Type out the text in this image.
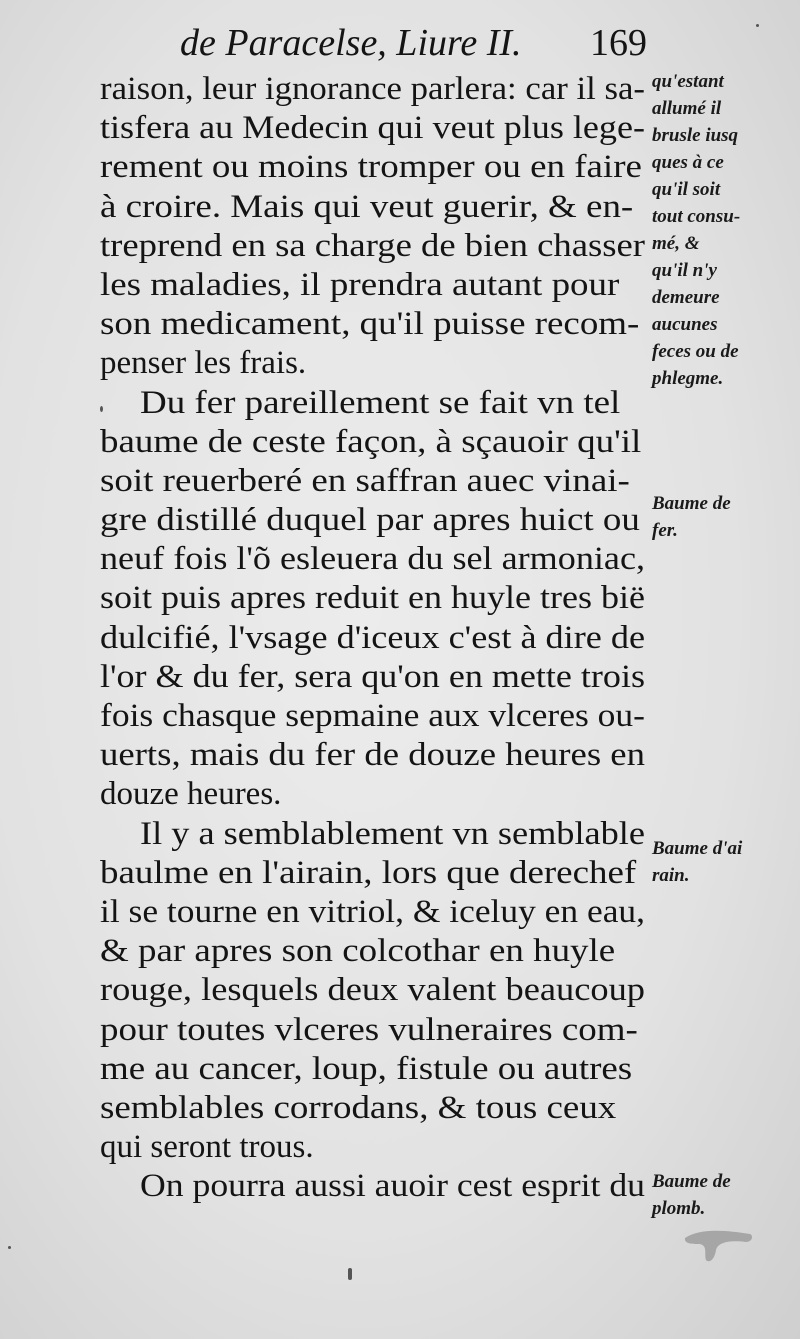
de Paracelse, Liure II. 169
raison, leur ignorance parlera: car il sa-
tisfera au Medecin qui veut plus lege-
rement ou moins tromper ou en faire
à croire. Mais qui veut guerir, & en-
treprend en sa charge de bien chasser
les maladies, il prendra autant pour
son medicament, qu'il puisse recom-
penser les frais.
Du fer pareillement se fait vn tel
baume de ceste façon, à sçauoir qu'il
soit reuerberé en saffran auec vinai-
gre distillé duquel par apres huict ou
neuf fois l'õ esleuera du sel armoniac,
soit puis apres reduit en huyle tres bië
dulcifié, l'vsage d'iceux c'est à dire de
l'or & du fer, sera qu'on en mette trois
fois chasque sepmaine aux vlceres ou-
uerts, mais du fer de douze heures en
douze heures.
Il y a semblablement vn semblable
baulme en l'airain, lors que derechef
il se tourne en vitriol, & iceluy en eau,
& par apres son colcothar en huyle
rouge, lesquels deux valent beaucoup
pour toutes vlceres vulneraires com-
me au cancer, loup, fistule ou autres
semblables corrodans, & tous ceux
qui seront trous.
On pourra aussi auoir cest esprit du
qu'estant
allumé il
brusle iusq
ques à ce
qu'il soit
tout consu-
mé, &
qu'il n'y
demeure
aucunes
feces ou de
phlegme.
Baume de
fer.
Baume d'ai
rain.
Baume de
plomb.
